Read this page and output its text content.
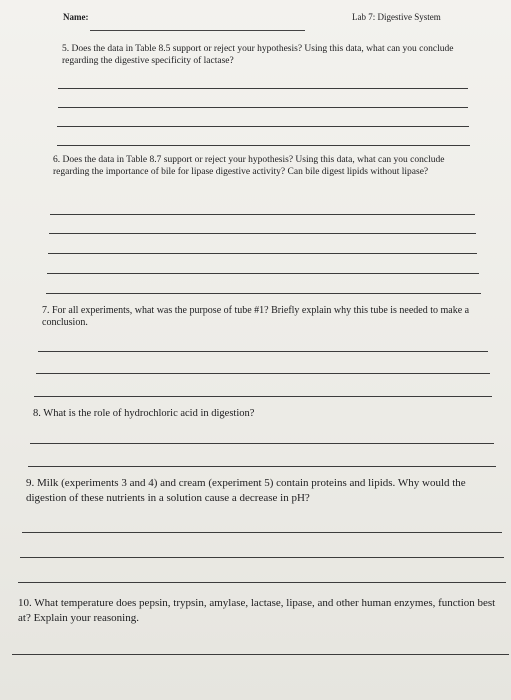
Name:	Lab 7: Digestive System
5. Does the data in Table 8.5 support or reject your hypothesis? Using this data, what can you conclude regarding the digestive specificity of lactase?
6. Does the data in Table 8.7 support or reject your hypothesis? Using this data, what can you conclude regarding the importance of bile for lipase digestive activity? Can bile digest lipids without lipase?
7. For all experiments, what was the purpose of tube #1? Briefly explain why this tube is needed to make a conclusion.
8. What is the role of hydrochloric acid in digestion?
9. Milk (experiments 3 and 4) and cream (experiment 5) contain proteins and lipids. Why would the digestion of these nutrients in a solution cause a decrease in pH?
10. What temperature does pepsin, trypsin, amylase, lactase, lipase, and other human enzymes, function best at? Explain your reasoning.
